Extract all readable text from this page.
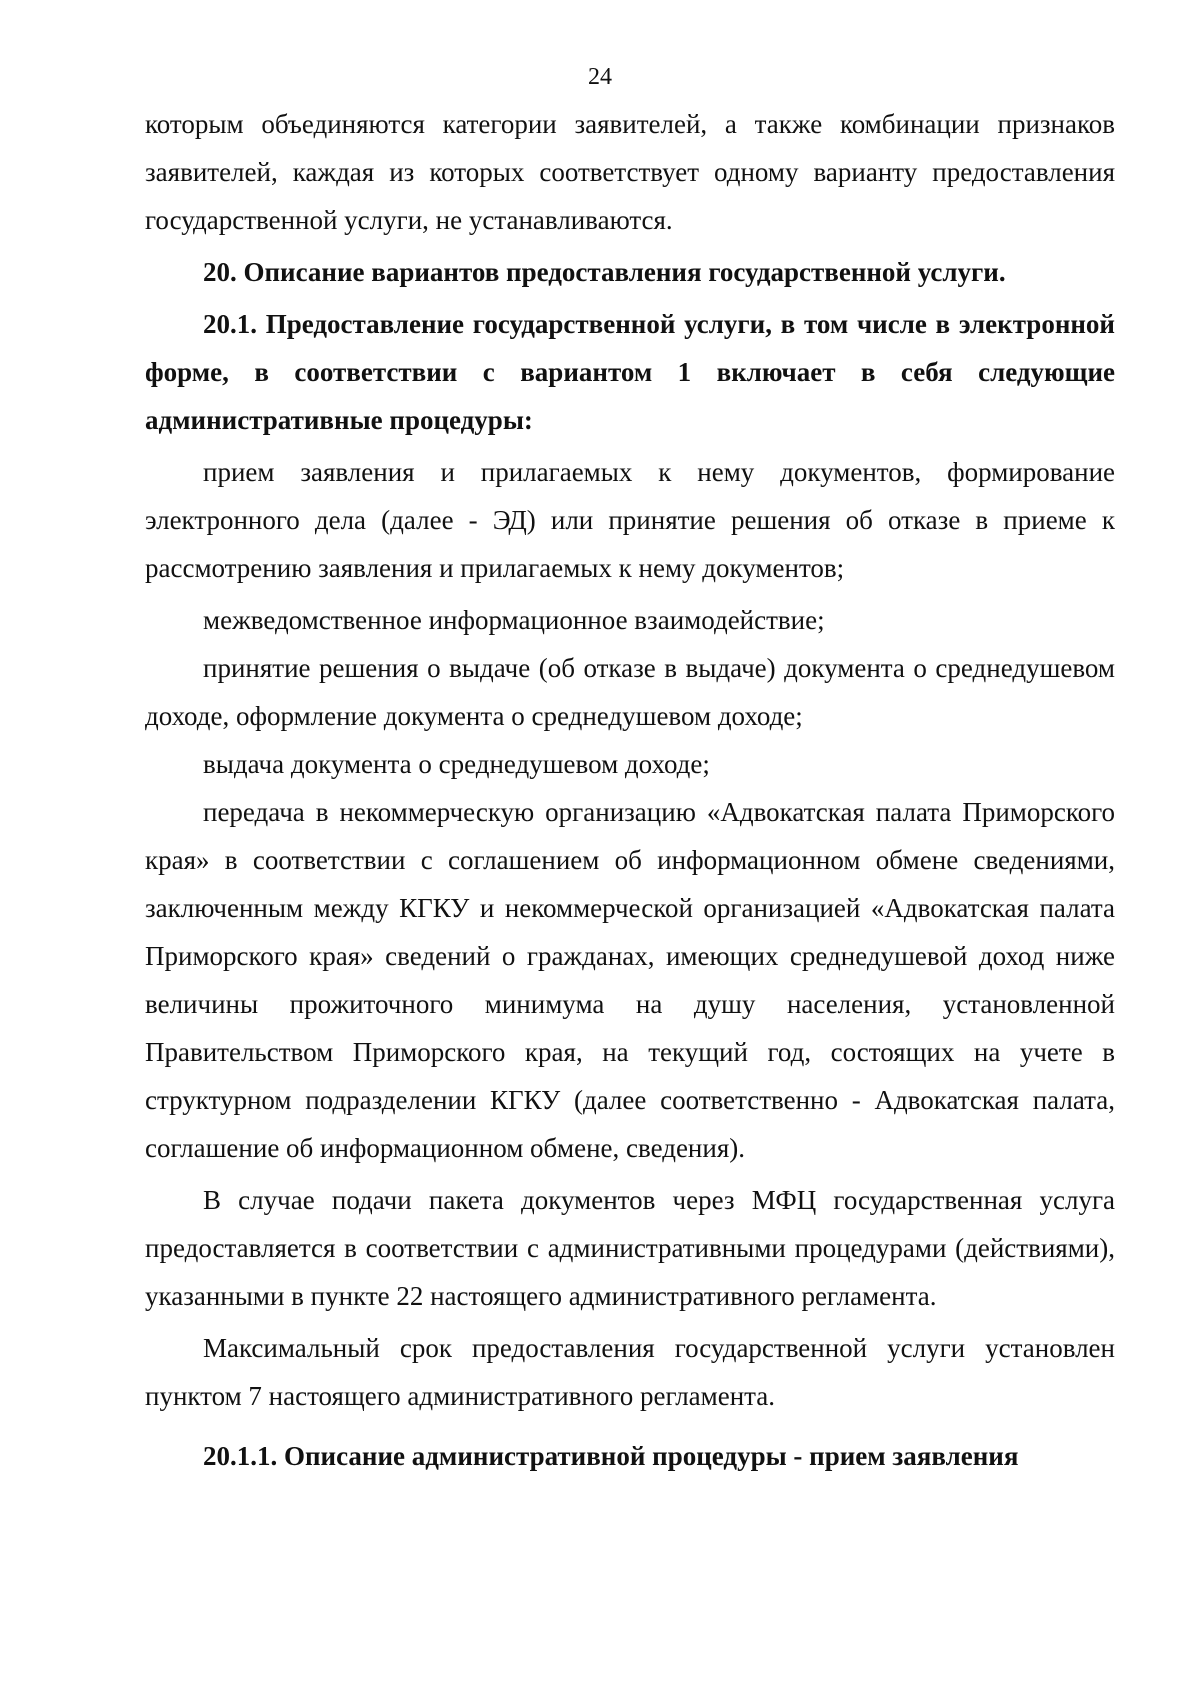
24

которым объединяются категории заявителей, а также комбинации признаков заявителей, каждая из которых соответствует одному варианту предоставления государственной услуги, не устанавливаются.

20. Описание вариантов предоставления государственной услуги.

20.1. Предоставление государственной услуги, в том числе в электронной форме, в соответствии с вариантом 1 включает в себя следующие административные процедуры:

прием заявления и прилагаемых к нему документов, формирование электронного дела (далее - ЭД) или принятие решения об отказе в приеме к рассмотрению заявления и прилагаемых к нему документов;

межведомственное информационное взаимодействие;

принятие решения о выдаче (об отказе в выдаче) документа о среднедушевом доходе, оформление документа о среднедушевом доходе;

выдача документа о среднедушевом доходе;

передача в некоммерческую организацию «Адвокатская палата Приморского края» в соответствии с соглашением об информационном обмене сведениями, заключенным между КГКУ и некоммерческой организацией «Адвокатская палата Приморского края» сведений о гражданах, имеющих среднедушевой доход ниже величины прожиточного минимума на душу населения, установленной Правительством Приморского края, на текущий год, состоящих на учете в структурном подразделении КГКУ (далее соответственно - Адвокатская палата, соглашение об информационном обмене, сведения).

В случае подачи пакета документов через МФЦ государственная услуга предоставляется в соответствии с административными процедурами (действиями), указанными в пункте 22 настоящего административного регламента.

Максимальный срок предоставления государственной услуги установлен пунктом 7 настоящего административного регламента.

20.1.1. Описание административной процедуры - прием заявления
